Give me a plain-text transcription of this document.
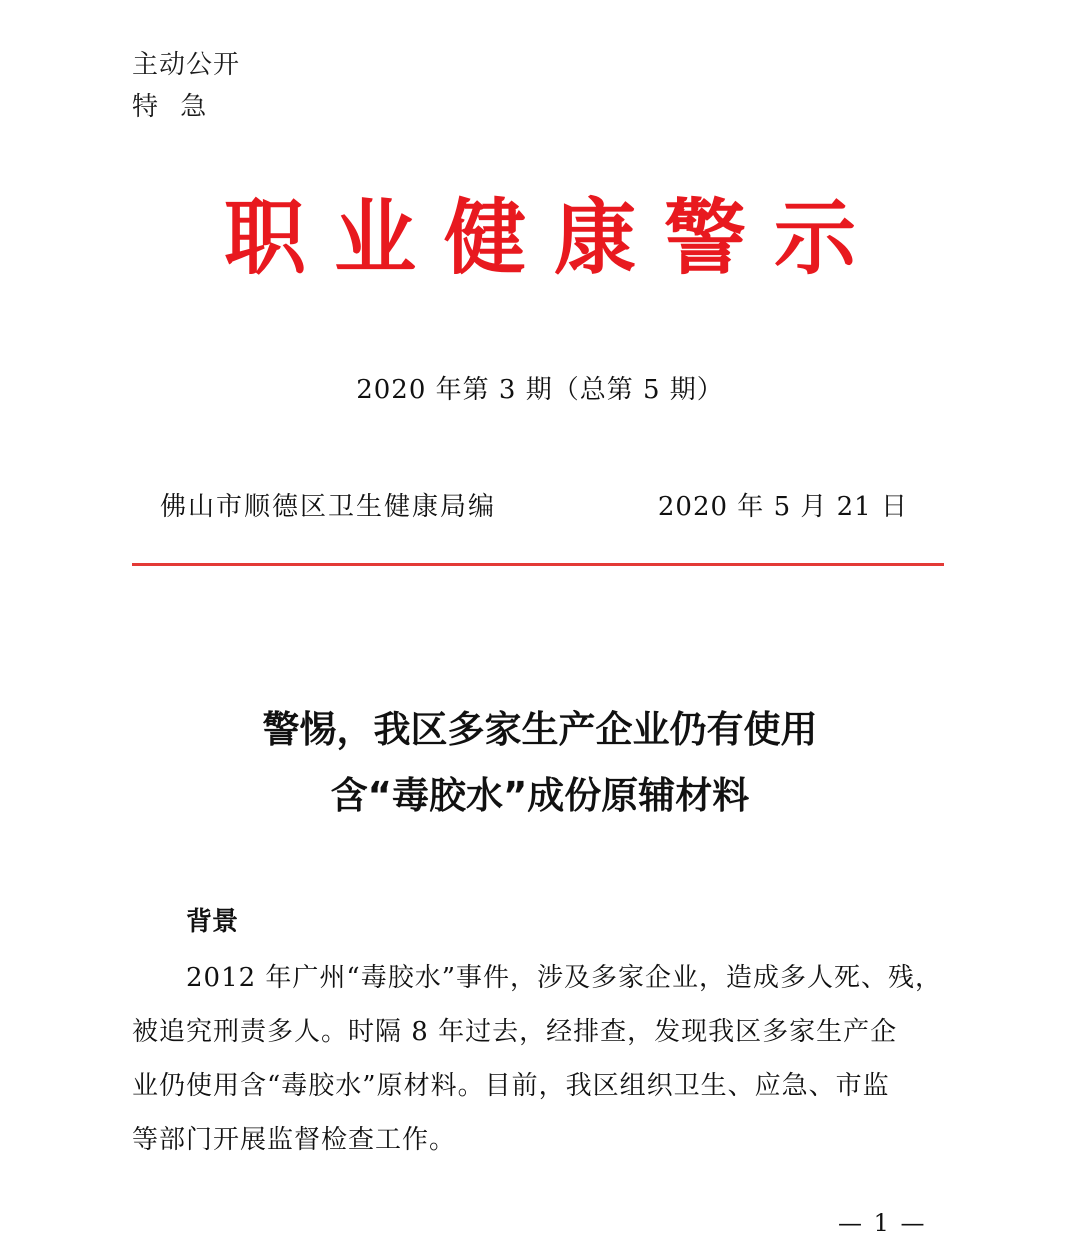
主动公开
特 急
职业健康警示
2020 年第 3 期（总第 5 期）
佛山市顺德区卫生健康局编	2020 年 5 月 21 日
警惕，我区多家生产企业仍有使用
含“毒胶水”成份原辅材料
背景
2012 年广州“毒胶水”事件，涉及多家企业，造成多人死、残，
被追究刑责多人。时隔 8 年过去，经排查，发现我区多家生产企
业仍使用含“毒胶水”原材料。目前，我区组织卫生、应急、市监
等部门开展监督检查工作。
— 1 —
